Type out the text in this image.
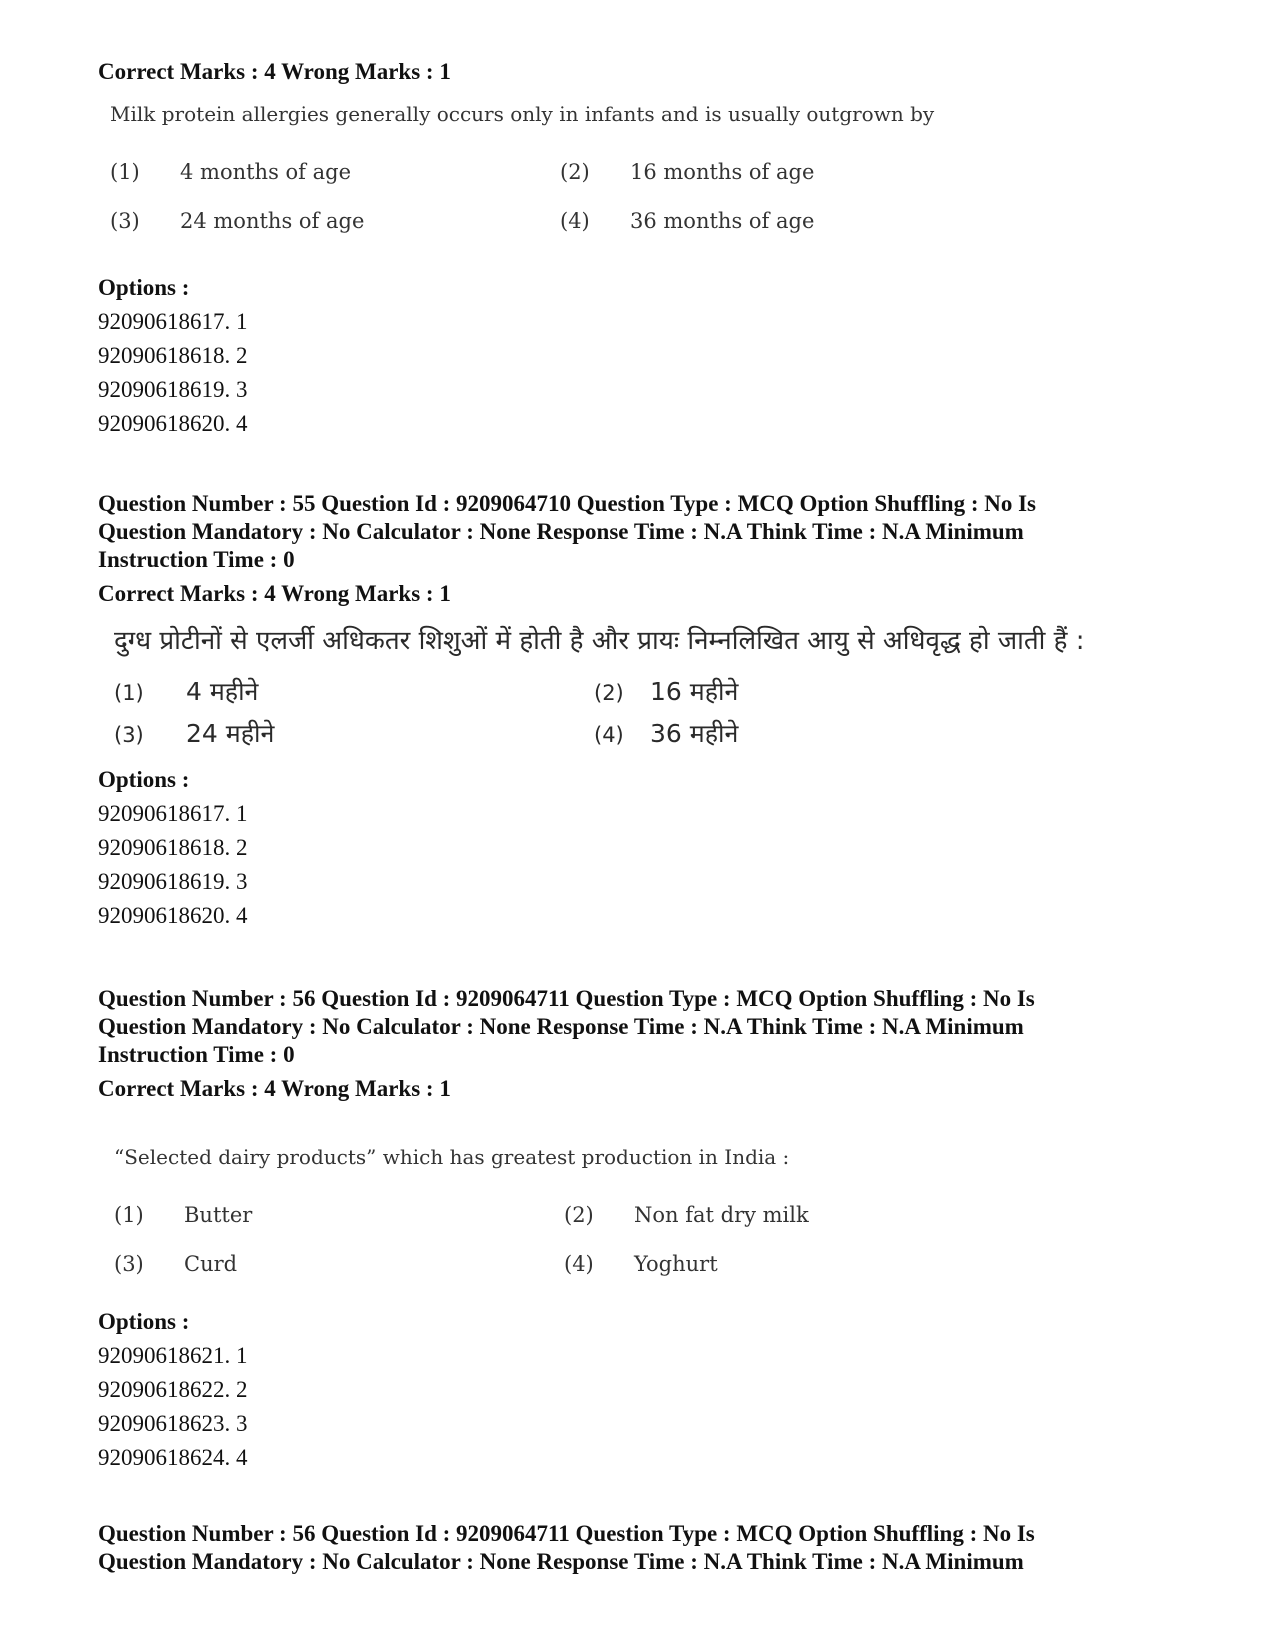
Correct Marks : 4 Wrong Marks : 1

Milk protein allergies generally occurs only in infants and is usually outgrown by
(1) 4 months of age	(2) 16 months of age
(3) 24 months of age	(4) 36 months of age

Options :

92090618617. 1

92090618618. 2

92090618619. 3

92090618620. 4

Question Number : 55 Question Id : 9209064710 Question Type : MCQ Option Shuffling : No Is

Question Mandatory : No Calculator : None Response Time : N.A Think Time : N.A Minimum

Instruction Time : 0

Correct Marks : 4 Wrong Marks : 1

दुग्ध प्रोटीनों से एलर्जी अधिकतर शिशुओं में होती है और प्रायः निम्नलिखित आयु से अधिवृद्ध हो जाती हैं :
(1) 4 महीने	(2) 16 महीने
(3) 24 महीने	(4) 36 महीने

Options :

92090618617. 1

92090618618. 2

92090618619. 3

92090618620. 4

Question Number : 56 Question Id : 9209064711 Question Type : MCQ Option Shuffling : No Is

Question Mandatory : No Calculator : None Response Time : N.A Think Time : N.A Minimum

Instruction Time : 0

Correct Marks : 4 Wrong Marks : 1

“Selected dairy products” which has greatest production in India :
(1) Butter	(2) Non fat dry milk
(3) Curd	(4) Yoghurt

Options :

92090618621. 1

92090618622. 2

92090618623. 3

92090618624. 4

Question Number : 56 Question Id : 9209064711 Question Type : MCQ Option Shuffling : No Is

Question Mandatory : No Calculator : None Response Time : N.A Think Time : N.A Minimum
